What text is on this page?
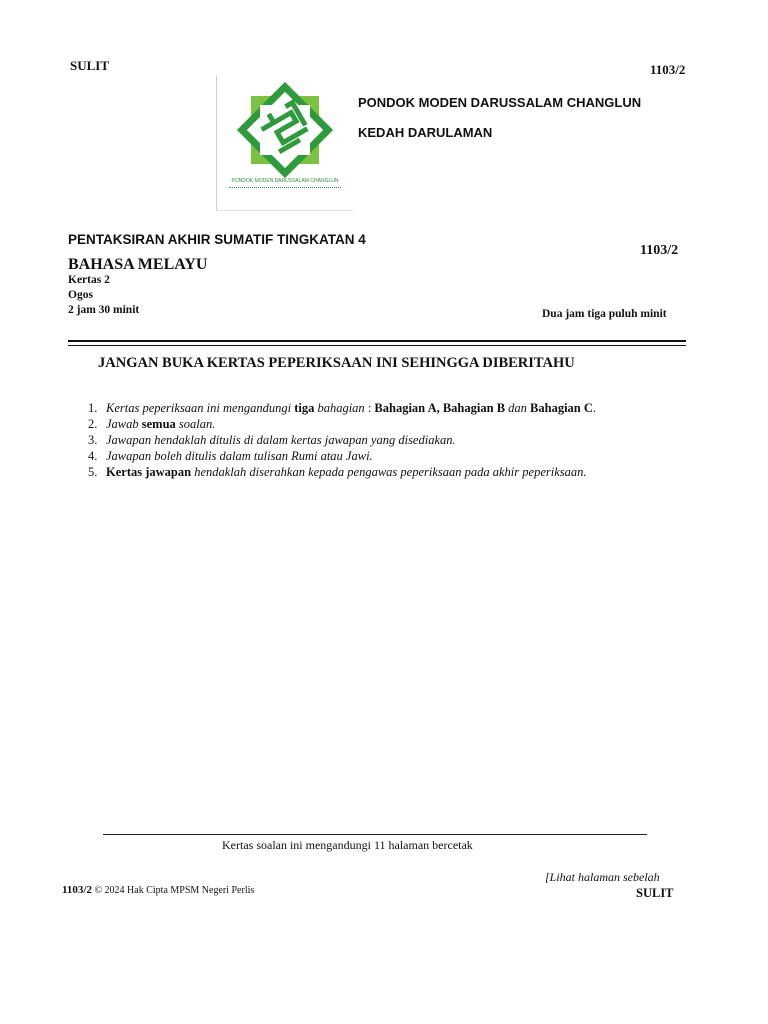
SULIT	1103/2
PONDOK MODEN DARUSSALAM CHANGLUN
PONDOK MODEN DARUSSALAM CHANGLUN
KEDAH DARULAMAN
PENTAKSIRAN AKHIR SUMATIF TINGKATAN 4
1103/2
BAHASA MELAYU
Kertas 2
Ogos
2 jam 30 minit	Dua jam tiga puluh minit
JANGAN BUKA KERTAS PEPERIKSAAN INI SEHINGGA DIBERITAHU
1. Kertas peperiksaan ini mengandungi tiga bahagian : Bahagian A, Bahagian B dan Bahagian C.
2. Jawab semua soalan.
3. Jawapan hendaklah ditulis di dalam kertas jawapan yang disediakan.
4. Jawapan boleh ditulis dalam tulisan Rumi atau Jawi.
5. Kertas jawapan hendaklah diserahkan kepada pengawas peperiksaan pada akhir peperiksaan.
Kertas soalan ini mengandungi 11 halaman bercetak
[Lihat halaman sebelah
SULIT
1103/2 © 2024 Hak Cipta MPSM Negeri Perlis
